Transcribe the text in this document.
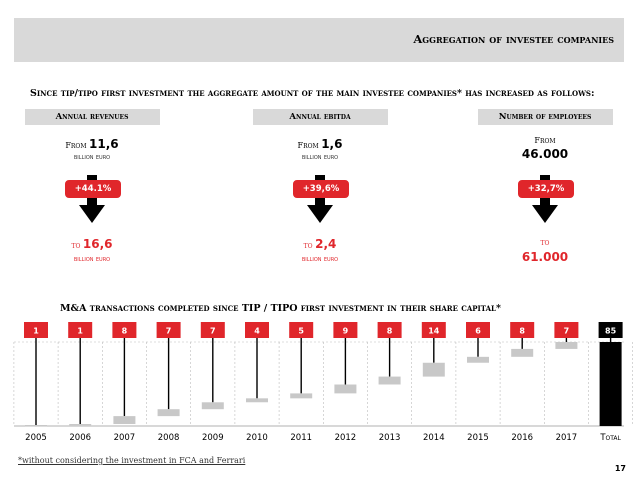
Aggregation of investee companies
Since tip/tipo first investment the aggregate amount of the main investee companies* has increased as follows:
Annual revenues
From 11,6
billion euro
+44.1%
to 16,6
billion euro
Annual ebitda
From 1,6
billion euro
+39,6%
to 2,4
billion euro
Number of employees
From
46.000
+32,7%
to
61.000
M&A transactions completed since TIP / TIPO first investment in their share capital*
1
2005
1
2006
8
2007
7
2008
7
2009
4
2010
5
2011
9
2012
8
2013
14
2014
6
2015
8
2016
7
2017
85
Total
*without considering the investment in FCA and Ferrari
17
